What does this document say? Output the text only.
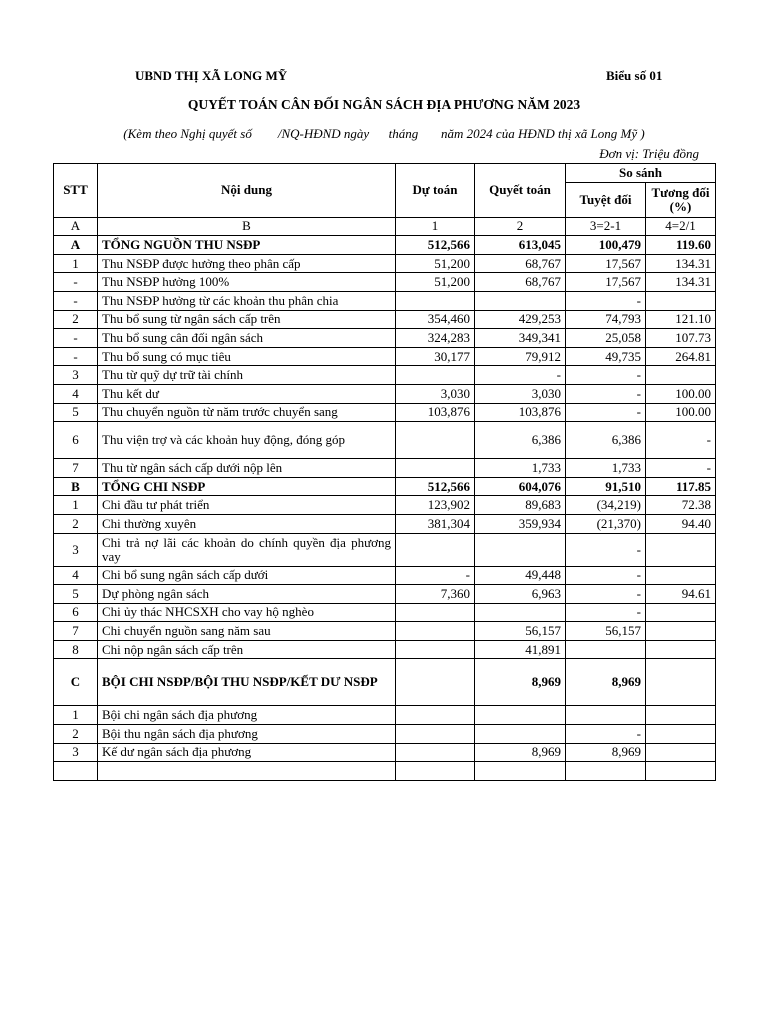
UBND THỊ XÃ LONG MỸ	Biểu số 01
QUYẾT TOÁN CÂN ĐỐI NGÂN SÁCH ĐỊA PHƯƠNG NĂM 2023
(Kèm theo Nghị quyết số        /NQ-HĐND ngày      tháng       năm 2024 của HĐND thị xã Long Mỹ )
Đơn vị: Triệu đồng
STT	Nội dung	Dự toán	Quyết toán	So sánh	
				Tuyệt đối	Tương đối (%)
A	B	1	2	3=2-1	4=2/1
A	TỔNG NGUỒN THU NSĐP	512,566	613,045	100,479	119.60
1	Thu NSĐP được hưởng theo phân cấp	51,200	68,767	17,567	134.31
-	Thu NSĐP hưởng 100%	51,200	68,767	17,567	134.31
-	Thu NSĐP hưởng từ các khoản thu phân chia			-	
2	Thu bổ sung từ ngân sách cấp trên	354,460	429,253	74,793	121.10
-	Thu bổ sung cân đối ngân sách	324,283	349,341	25,058	107.73
-	Thu bổ sung có mục tiêu	30,177	79,912	49,735	264.81
3	Thu từ quỹ dự trữ tài chính		-	-	
4	Thu kết dư	3,030	3,030	-	100.00
5	Thu chuyển nguồn từ năm trước chuyển sang	103,876	103,876	-	100.00
6	Thu viện trợ và các khoản huy động, đóng góp		6,386	6,386	-
7	Thu từ ngân sách cấp dưới nộp lên		1,733	1,733	-
B	TỔNG CHI NSĐP	512,566	604,076	91,510	117.85
1	Chi đầu tư phát triển	123,902	89,683	(34,219)	72.38
2	Chi thường xuyên	381,304	359,934	(21,370)	94.40
3	Chi trả nợ lãi các khoản do chính quyền địa phương vay			-	
4	Chi bổ sung ngân sách cấp dưới	-	49,448	-	
5	Dự phòng ngân sách	7,360	6,963	-	94.61
6	Chi ủy thác NHCSXH cho vay hộ nghèo			-	
7	Chi chuyển nguồn sang năm sau		56,157	56,157	
8	Chi nộp ngân sách cấp trên		41,891		
C	BỘI CHI NSĐP/BỘI THU NSĐP/KẾT DƯ NSĐP		8,969	8,969	
1	Bội chi ngân sách địa phương				
2	Bội thu ngân sách địa phương			-	
3	Kế dư ngân sách địa phương		8,969	8,969	
